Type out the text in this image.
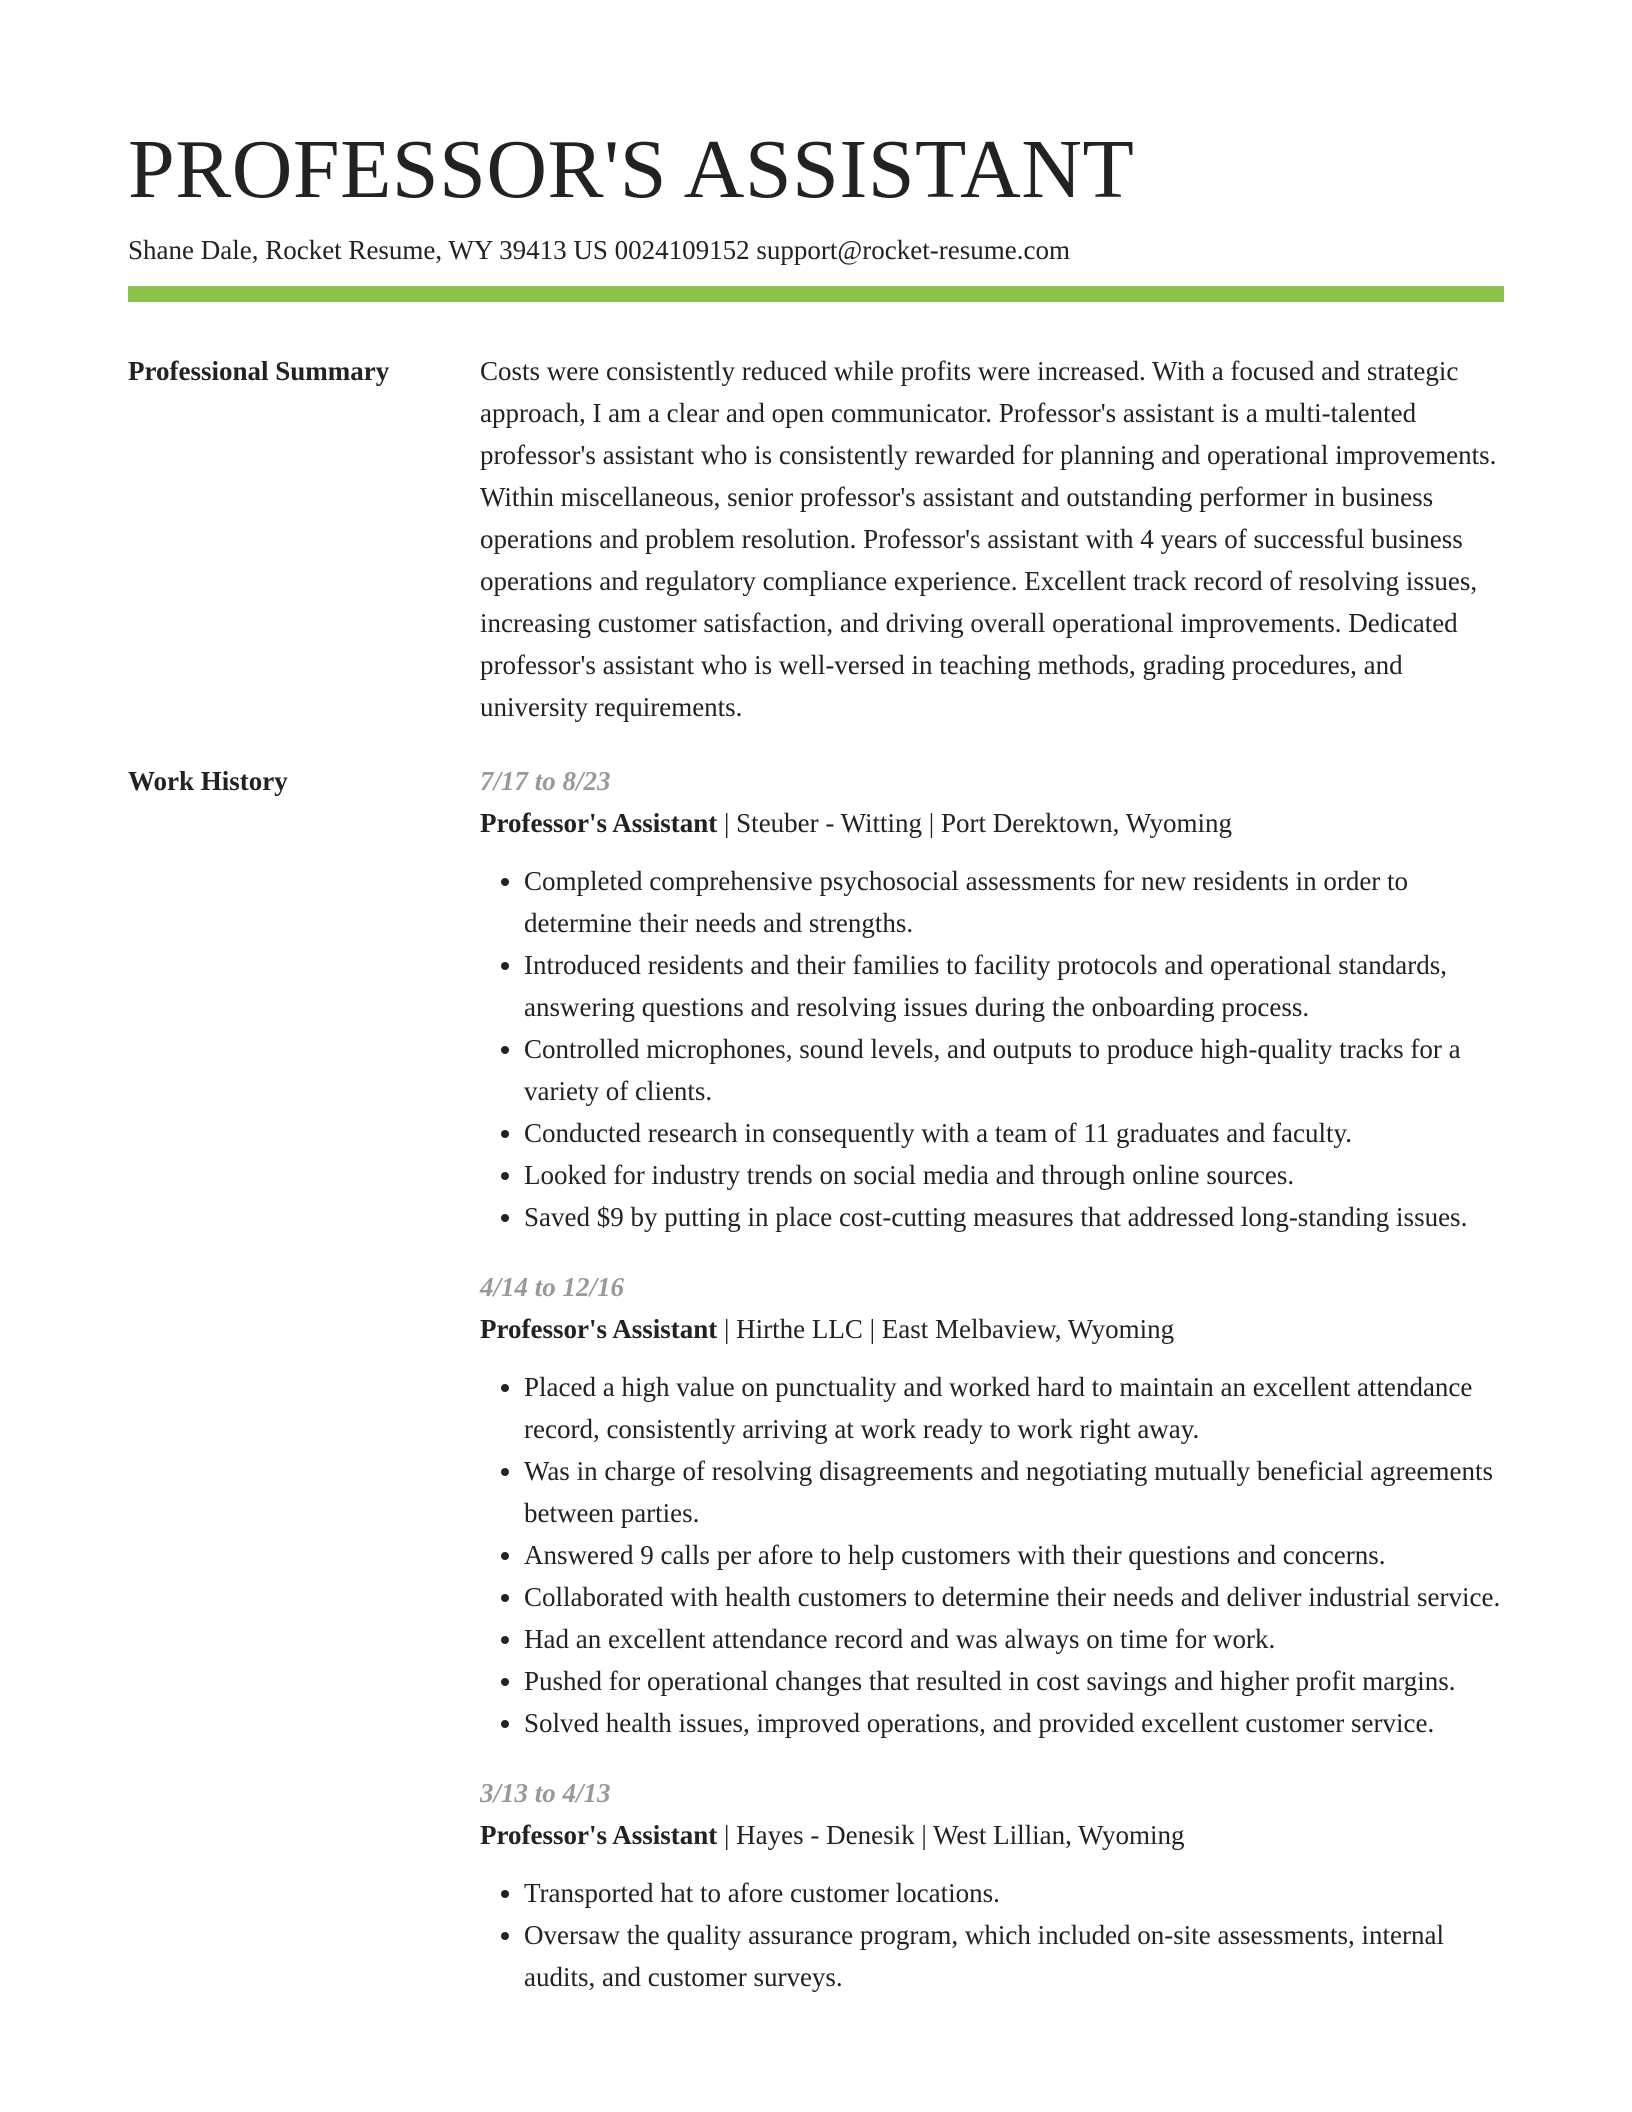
PROFESSOR'S ASSISTANT
Shane Dale, Rocket Resume, WY 39413 US 0024109152 support@rocket-resume.com
Professional Summary	Costs were consistently reduced while profits were increased. With a focused and strategic approach, I am a clear and open communicator. Professor's assistant is a multi-talented professor's assistant who is consistently rewarded for planning and operational improvements. Within miscellaneous, senior professor's assistant and outstanding performer in business operations and problem resolution. Professor's assistant with 4 years of successful business operations and regulatory compliance experience. Excellent track record of resolving issues, increasing customer satisfaction, and driving overall operational improvements. Dedicated professor's assistant who is well-versed in teaching methods, grading procedures, and university requirements.

Work History	7/17 to 8/23
Professor's Assistant | Steuber - Witting | Port Derektown, Wyoming
• Completed comprehensive psychosocial assessments for new residents in order to determine their needs and strengths.
• Introduced residents and their families to facility protocols and operational standards, answering questions and resolving issues during the onboarding process.
• Controlled microphones, sound levels, and outputs to produce high-quality tracks for a variety of clients.
• Conducted research in consequently with a team of 11 graduates and faculty.
• Looked for industry trends on social media and through online sources.
• Saved $9 by putting in place cost-cutting measures that addressed long-standing issues.
4/14 to 12/16
Professor's Assistant | Hirthe LLC | East Melbaview, Wyoming
• Placed a high value on punctuality and worked hard to maintain an excellent attendance record, consistently arriving at work ready to work right away.
• Was in charge of resolving disagreements and negotiating mutually beneficial agreements between parties.
• Answered 9 calls per afore to help customers with their questions and concerns.
• Collaborated with health customers to determine their needs and deliver industrial service.
• Had an excellent attendance record and was always on time for work.
• Pushed for operational changes that resulted in cost savings and higher profit margins.
• Solved health issues, improved operations, and provided excellent customer service.
3/13 to 4/13
Professor's Assistant | Hayes - Denesik | West Lillian, Wyoming
• Transported hat to afore customer locations.
• Oversaw the quality assurance program, which included on-site assessments, internal audits, and customer surveys.
